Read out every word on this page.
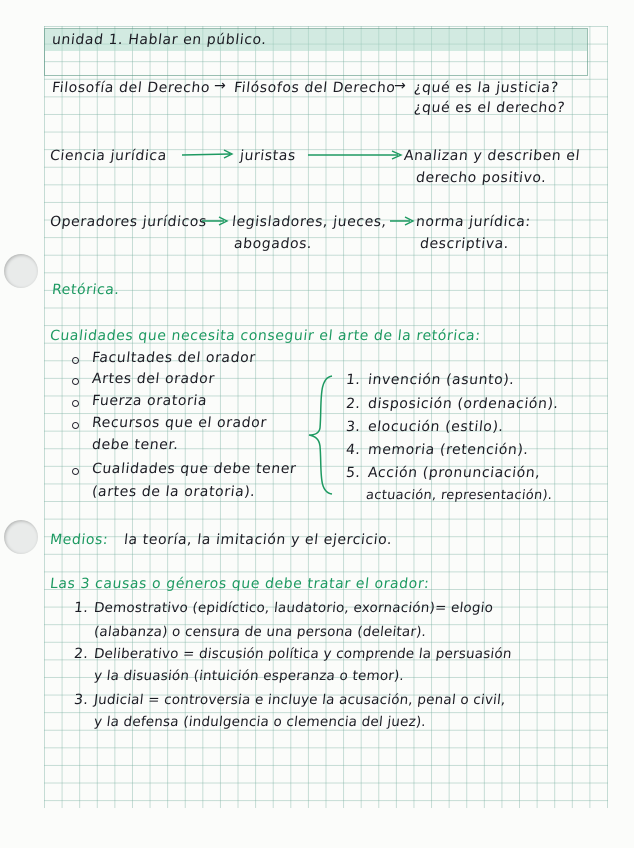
unidad 1. Hablar en público.
Filosofía del Derecho → Filósofos del Derecho
→ ¿qué es la justicia?
¿qué es el derecho?
Ciencia jurídica	juristas	Analizan y describen el
derecho positivo.
Operadores jurídicos legisladores, jueces,
abogados.
norma jurídica:
descriptiva.
Retórica.
Cualidades que necesita conseguir el arte de la retórica:
Facultades del orador
Artes del orador
Fuerza oratoria
Recursos que el orador
debe tener.
Cualidades que debe tener
(artes de la oratoria).
1. invención (asunto).
2. disposición (ordenación).
3. elocución (estilo).
4. memoria (retención).
5. Acción (pronunciación,
actuación, representación).
Medios: la teoría, la imitación y el ejercicio.
Las 3 causas o géneros que debe tratar el orador:
1. Demostrativo (epidíctico, laudatorio, exornación)= elogio
(alabanza) o censura de una persona (deleitar).
2. Deliberativo = discusión política y comprende la persuasión
y la disuasión (intuición esperanza o temor).
3. Judicial = controversia e incluye la acusación, penal o civil,
y la defensa (indulgencia o clemencia del juez).
